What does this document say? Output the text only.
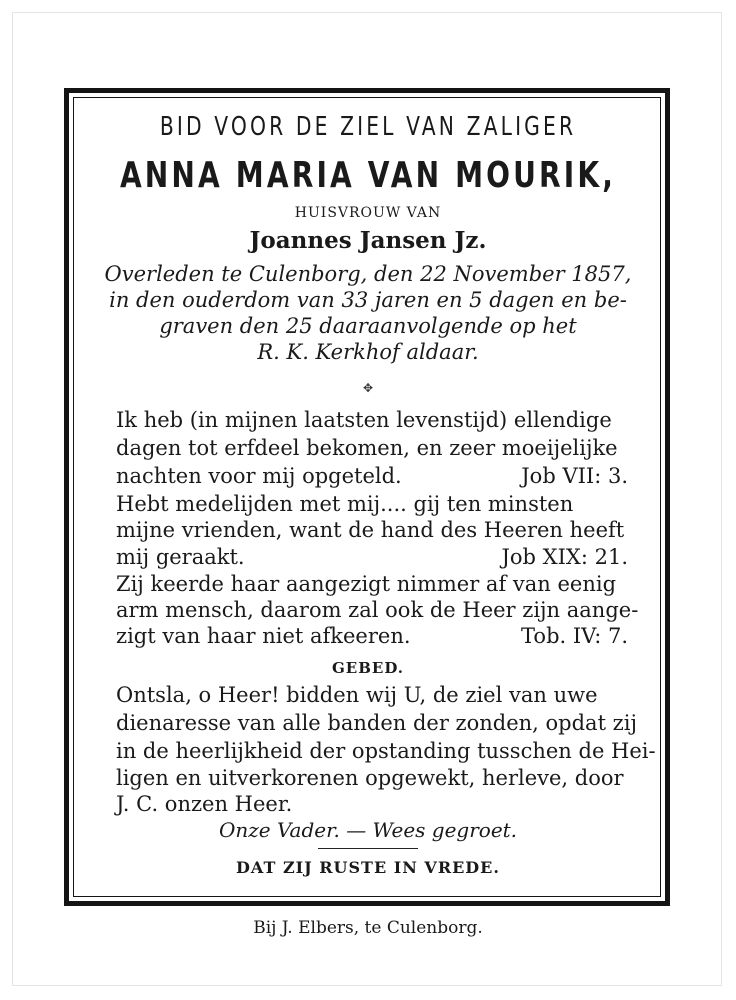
BID VOOR DE ZIEL VAN ZALIGER
ANNA MARIA VAN MOURIK,
HUISVROUW VAN
Joannes Jansen Jz.
Overleden te Culenborg, den 22 November 1857,
in den ouderdom van 33 jaren en 5 dagen en be-
graven den 25 daaraanvolgende op het
R. K. Kerkhof aldaar.
✥
Ik heb (in mijnen laatsten levenstijd) ellendige
dagen tot erfdeel bekomen, en zeer moeijelijke
nachten voor mij opgeteld.	Job VII: 3.
Hebt medelijden met mij.... gij ten minsten
mijne vrienden, want de hand des Heeren heeft
mij geraakt.	Job XIX: 21.
Zij keerde haar aangezigt nimmer af van eenig
arm mensch, daarom zal ook de Heer zijn aange-
zigt van haar niet afkeeren.	Tob. IV: 7.
GEBED.
Ontsla, o Heer! bidden wij U, de ziel van uwe
dienaresse van alle banden der zonden, opdat zij
in de heerlijkheid der opstanding tusschen de Hei-
ligen en uitverkorenen opgewekt, herleve, door
J. C. onzen Heer.
Onze Vader. — Wees gegroet.
DAT ZIJ RUSTE IN VREDE.
Bij J. Elbers, te Culenborg.
